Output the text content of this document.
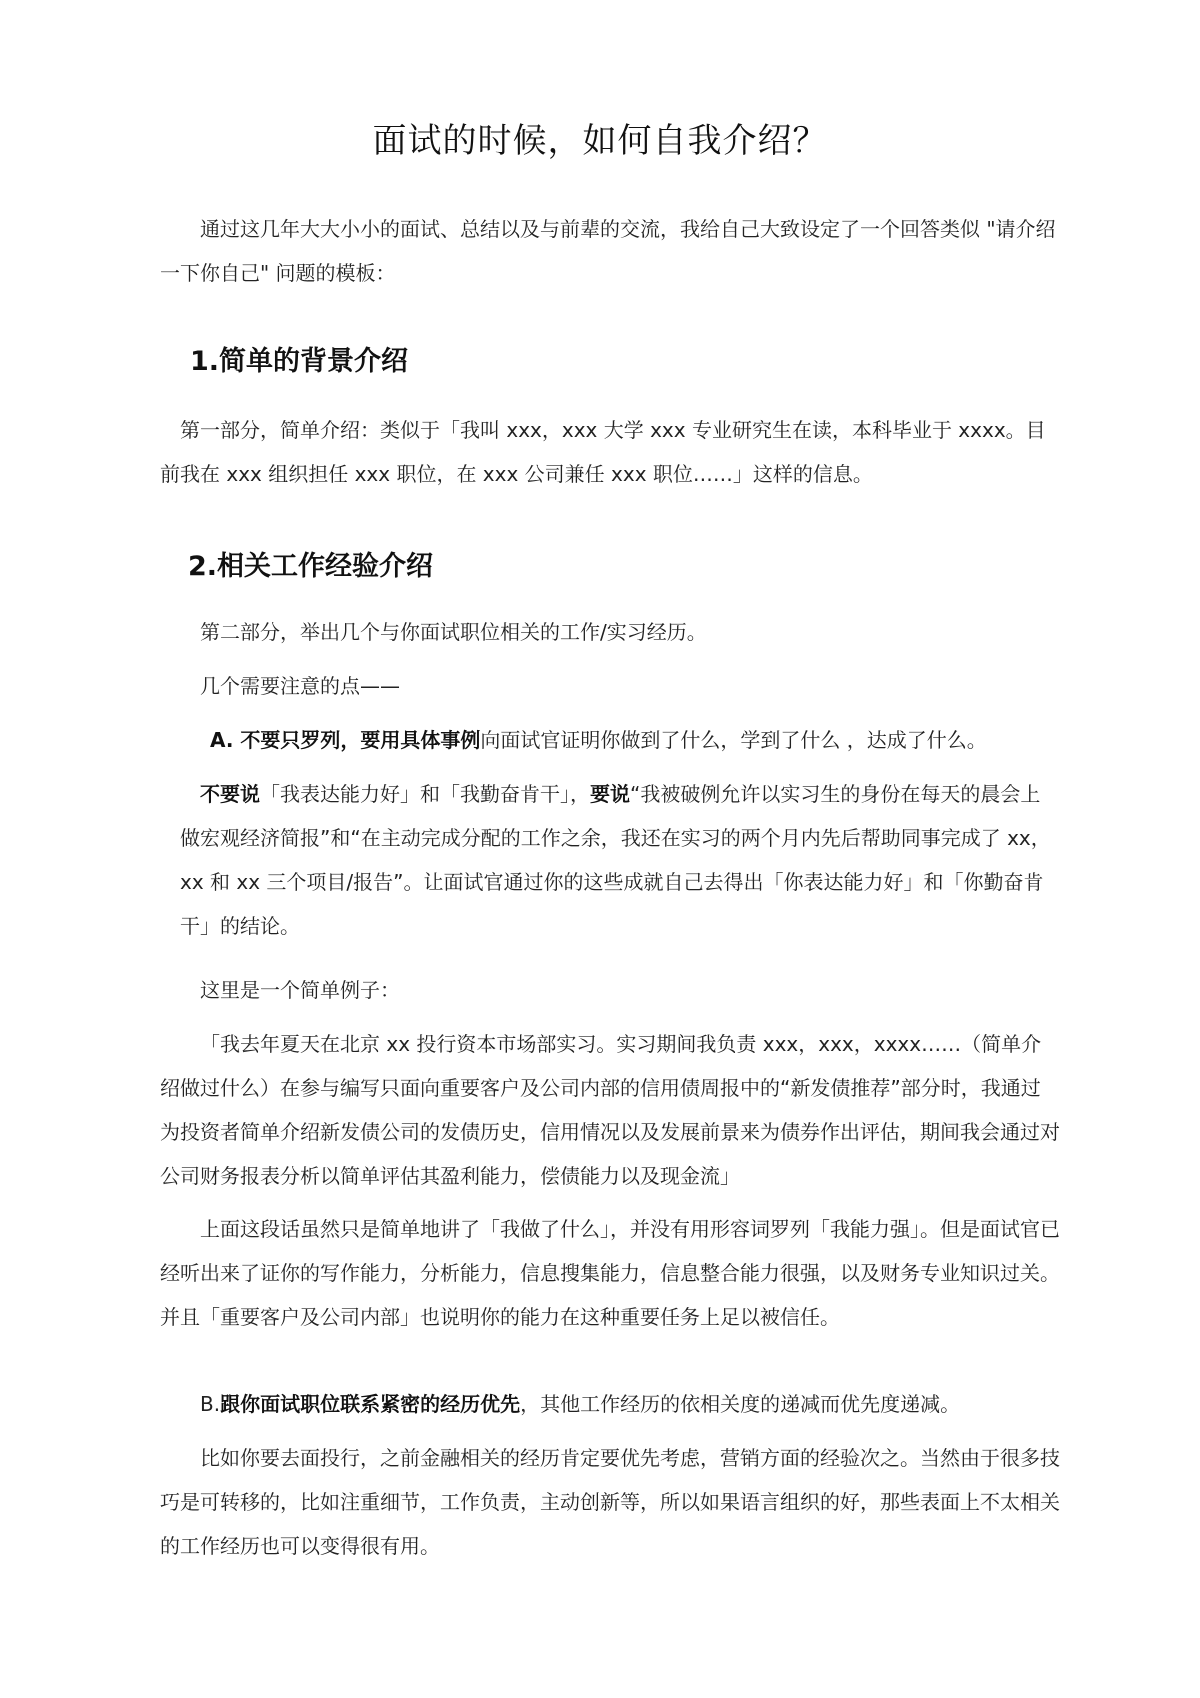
面试的时候，如何自我介绍？

通过这几年大大小小的面试、总结以及与前辈的交流，我给自己大致设定了一个回答类似 "请介绍一下你自己" 问题的模板：

1.简单的背景介绍

第一部分，简单介绍：类似于「我叫 xxx，xxx 大学 xxx 专业研究生在读，本科毕业于 xxxx。目前我在 xxx 组织担任 xxx 职位，在 xxx 公司兼任 xxx 职位……」这样的信息。

2.相关工作经验介绍

第二部分，举出几个与你面试职位相关的工作/实习经历。

几个需要注意的点——

A. 不要只罗列，要用具体事例向面试官证明你做到了什么，学到了什么 ，达成了什么。

不要说「我表达能力好」和「我勤奋肯干」，要说“我被破例允许以实习生的身份在每天的晨会上做宏观经济简报”和“在主动完成分配的工作之余，我还在实习的两个月内先后帮助同事完成了 xx，xx 和 xx 三个项目/报告”。让面试官通过你的这些成就自己去得出「你表达能力好」和「你勤奋肯干」的结论。

这里是一个简单例子：

「我去年夏天在北京 xx 投行资本市场部实习。实习期间我负责 xxx，xxx，xxxx……（简单介绍做过什么）在参与编写只面向重要客户及公司内部的信用债周报中的“新发债推荐”部分时，我通过为投资者简单介绍新发债公司的发债历史，信用情况以及发展前景来为债券作出评估，期间我会通过对公司财务报表分析以简单评估其盈利能力，偿债能力以及现金流」

上面这段话虽然只是简单地讲了「我做了什么」，并没有用形容词罗列「我能力强」。但是面试官已经听出来了证你的写作能力，分析能力，信息搜集能力，信息整合能力很强，以及财务专业知识过关。并且「重要客户及公司内部」也说明你的能力在这种重要任务上足以被信任。

B.跟你面试职位联系紧密的经历优先，其他工作经历的依相关度的递减而优先度递减。

比如你要去面投行，之前金融相关的经历肯定要优先考虑，营销方面的经验次之。当然由于很多技巧是可转移的，比如注重细节，工作负责，主动创新等，所以如果语言组织的好，那些表面上不太相关的工作经历也可以变得很有用。
